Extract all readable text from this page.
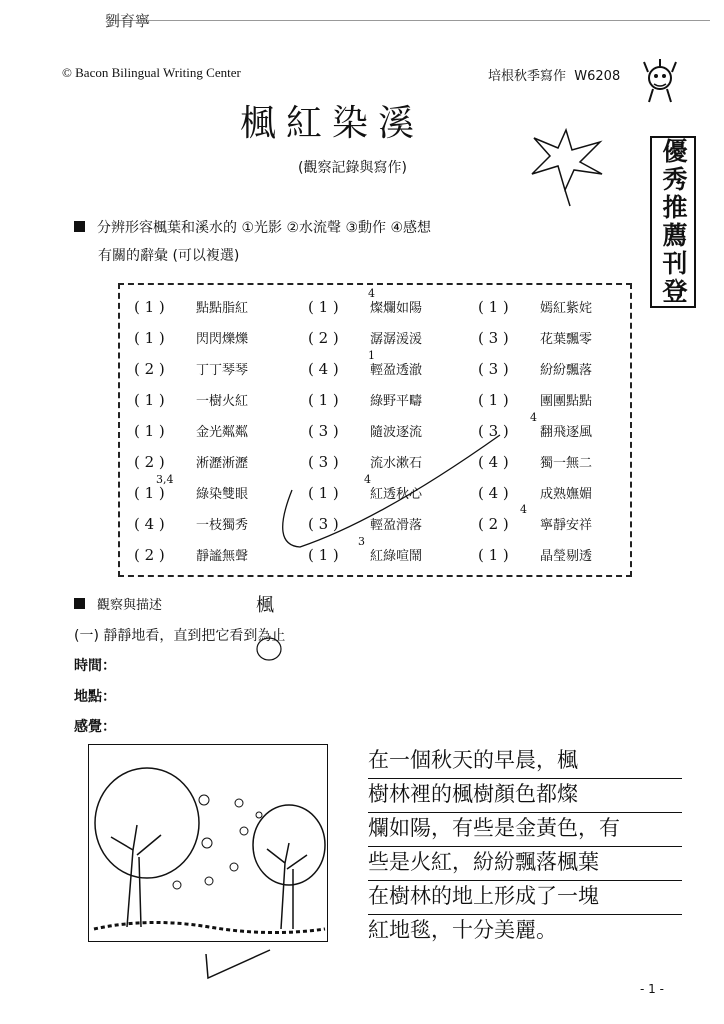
劉育寧
© Bacon Bilingual Writing Center	培根秋季寫作 W6208
楓紅染溪
(觀察記錄與寫作)	優秀推薦刊登
分辨形容楓葉和溪水的 ①光影 ②水流聲 ③動作 ④感想
有關的辭彙 (可以複選)
( 1 ) 點點脂紅	( 1 ) 燦爛如陽	( 1 ) 嫣紅紫姹
( 1 ) 閃閃爍爍	( 2 ) 潺潺湲湲	( 3 ) 花葉飄零
( 2 ) 丁丁琴琴	( 4 ) 輕盈透澈	( 3 ) 紛紛飄落
( 1 ) 一樹火紅	( 1 ) 綠野平疇	( 1 ) 團團點點
( 1 ) 金光粼粼	( 3 ) 隨波逐流	( 3 ) 翻飛逐風
( 2 ) 淅瀝淅瀝	( 3 ) 流水漱石	( 4 ) 獨一無二
( 1 ) 綠染雙眼	( 1 ) 紅透秋心	( 4 ) 成熟嫵媚
( 4 ) 一枝獨秀	( 3 ) 輕盈滑落	( 2 ) 寧靜安祥
( 2 ) 靜謐無聲	( 1 ) 紅綠喧鬧	( 1 ) 晶瑩剔透
4
1
4
3,4	4
3
4
觀察與描述	楓
(一) 靜靜地看，直到把它看到為止
時間：
地點：
感覺：
在一個秋天的早晨，楓
樹林裡的楓樹顏色都燦
爛如陽，有些是金黃色，有
些是火紅，紛紛飄落楓葉
在樹林的地上形成了一塊
紅地毯，十分美麗。
- 1 -
